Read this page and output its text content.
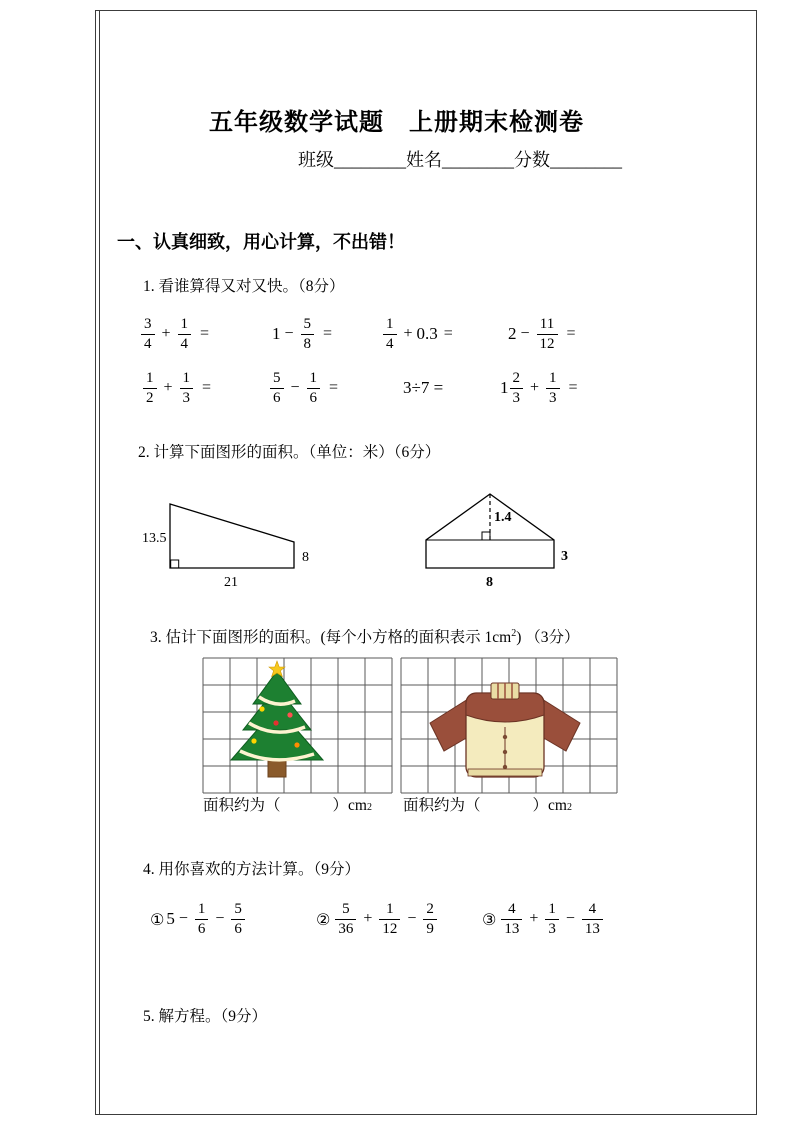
五年级数学试题　上册期末检测卷
班级________姓名________分数________
一、认真细致，用心计算，不出错！
1. 看谁算得又对又快。（8分）
$\frac{3}{4} + \frac{1}{4}$ =	$1 - \frac{5}{8}$ =	$\frac{1}{4} + 0.3$ =	$2 - \frac{11}{12}$ =
$\frac{1}{2} + \frac{1}{3}$ =	$\frac{5}{6} - \frac{1}{6}$ =	3÷7 =	$1 \frac{2}{3} + \frac{1}{3}$ =
2. 计算下面图形的面积。（单位：米）（6分）
13.5
21
8
1.4
3
8
3. 估计下面图形的面积。(每个小方格的面积表示 $1cm^2$) （3分）
面积约为（	） cm 2 面积约为（	） cm 2
4. 用你喜欢的方法计算。（9分）
① $5 - \frac{1}{6} - \frac{5}{6}$	② $\frac{5}{36} + \frac{1}{12} - \frac{2}{9}$	③ $\frac{4}{13} + \frac{1}{3} - \frac{4}{13}$
5. 解方程。（9分）
